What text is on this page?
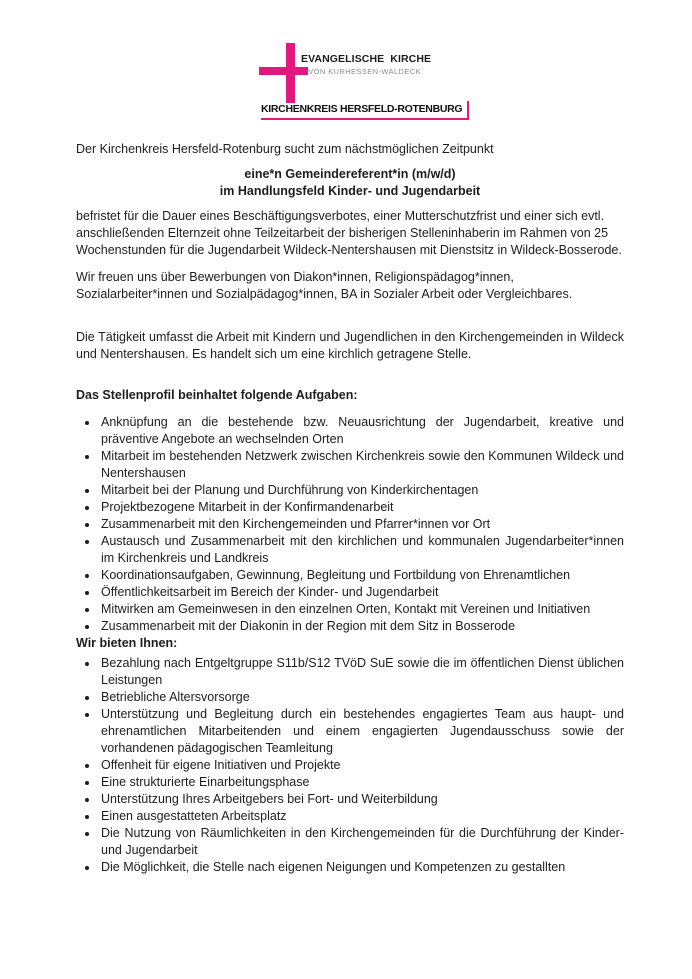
EVANGELISCHE KIRCHE
VON KURHESSEN-WALDECK
KIRCHENKREIS HERSFELD-ROTENBURG

Der Kirchenkreis Hersfeld-Rotenburg sucht zum nächstmöglichen Zeitpunkt

eine*n Gemeindereferent*in (m/w/d)
im Handlungsfeld Kinder- und Jugendarbeit

befristet für die Dauer eines Beschäftigungsverbotes, einer Mutterschutzfrist und einer sich evtl. anschließenden Elternzeit ohne Teilzeitarbeit der bisherigen Stelleninhaberin im Rahmen von 25 Wochenstunden für die Jugendarbeit Wildeck-Nentershausen mit Dienstsitz in Wildeck-Bosserode.

Wir freuen uns über Bewerbungen von Diakon*innen, Religionspädagog*innen, Sozialarbeiter*innen und Sozialpädagog*innen, BA in Sozialer Arbeit oder Vergleichbares.

Die Tätigkeit umfasst die Arbeit mit Kindern und Jugendlichen in den Kirchengemeinden in Wildeck und Nentershausen. Es handelt sich um eine kirchlich getragene Stelle.

Das Stellenprofil beinhaltet folgende Aufgaben:
• Anknüpfung an die bestehende bzw. Neuausrichtung der Jugendarbeit, kreative und präventive Angebote an wechselnden Orten
• Mitarbeit im bestehenden Netzwerk zwischen Kirchenkreis sowie den Kommunen Wildeck und Nentershausen
• Mitarbeit bei der Planung und Durchführung von Kinderkirchentagen
• Projektbezogene Mitarbeit in der Konfirmandenarbeit
• Zusammenarbeit mit den Kirchengemeinden und Pfarrer*innen vor Ort
• Austausch und Zusammenarbeit mit den kirchlichen und kommunalen Jugendarbeiter*innen im Kirchenkreis und Landkreis
• Koordinationsaufgaben, Gewinnung, Begleitung und Fortbildung von Ehrenamtlichen
• Öffentlichkeitsarbeit im Bereich der Kinder- und Jugendarbeit
• Mitwirken am Gemeinwesen in den einzelnen Orten, Kontakt mit Vereinen und Initiativen
• Zusammenarbeit mit der Diakonin in der Region mit dem Sitz in Bosserode
Wir bieten Ihnen:
• Bezahlung nach Entgeltgruppe S11b/S12 TVöD SuE sowie die im öffentlichen Dienst üblichen Leistungen
• Betriebliche Altersvorsorge
• Unterstützung und Begleitung durch ein bestehendes engagiertes Team aus haupt- und ehrenamtlichen Mitarbeitenden und einem engagierten Jugendausschuss sowie der vorhandenen pädagogischen Teamleitung
• Offenheit für eigene Initiativen und Projekte
• Eine strukturierte Einarbeitungsphase
• Unterstützung Ihres Arbeitgebers bei Fort- und Weiterbildung
• Einen ausgestatteten Arbeitsplatz
• Die Nutzung von Räumlichkeiten in den Kirchengemeinden für die Durchführung der Kinder- und Jugendarbeit
• Die Möglichkeit, die Stelle nach eigenen Neigungen und Kompetenzen zu gestallten
